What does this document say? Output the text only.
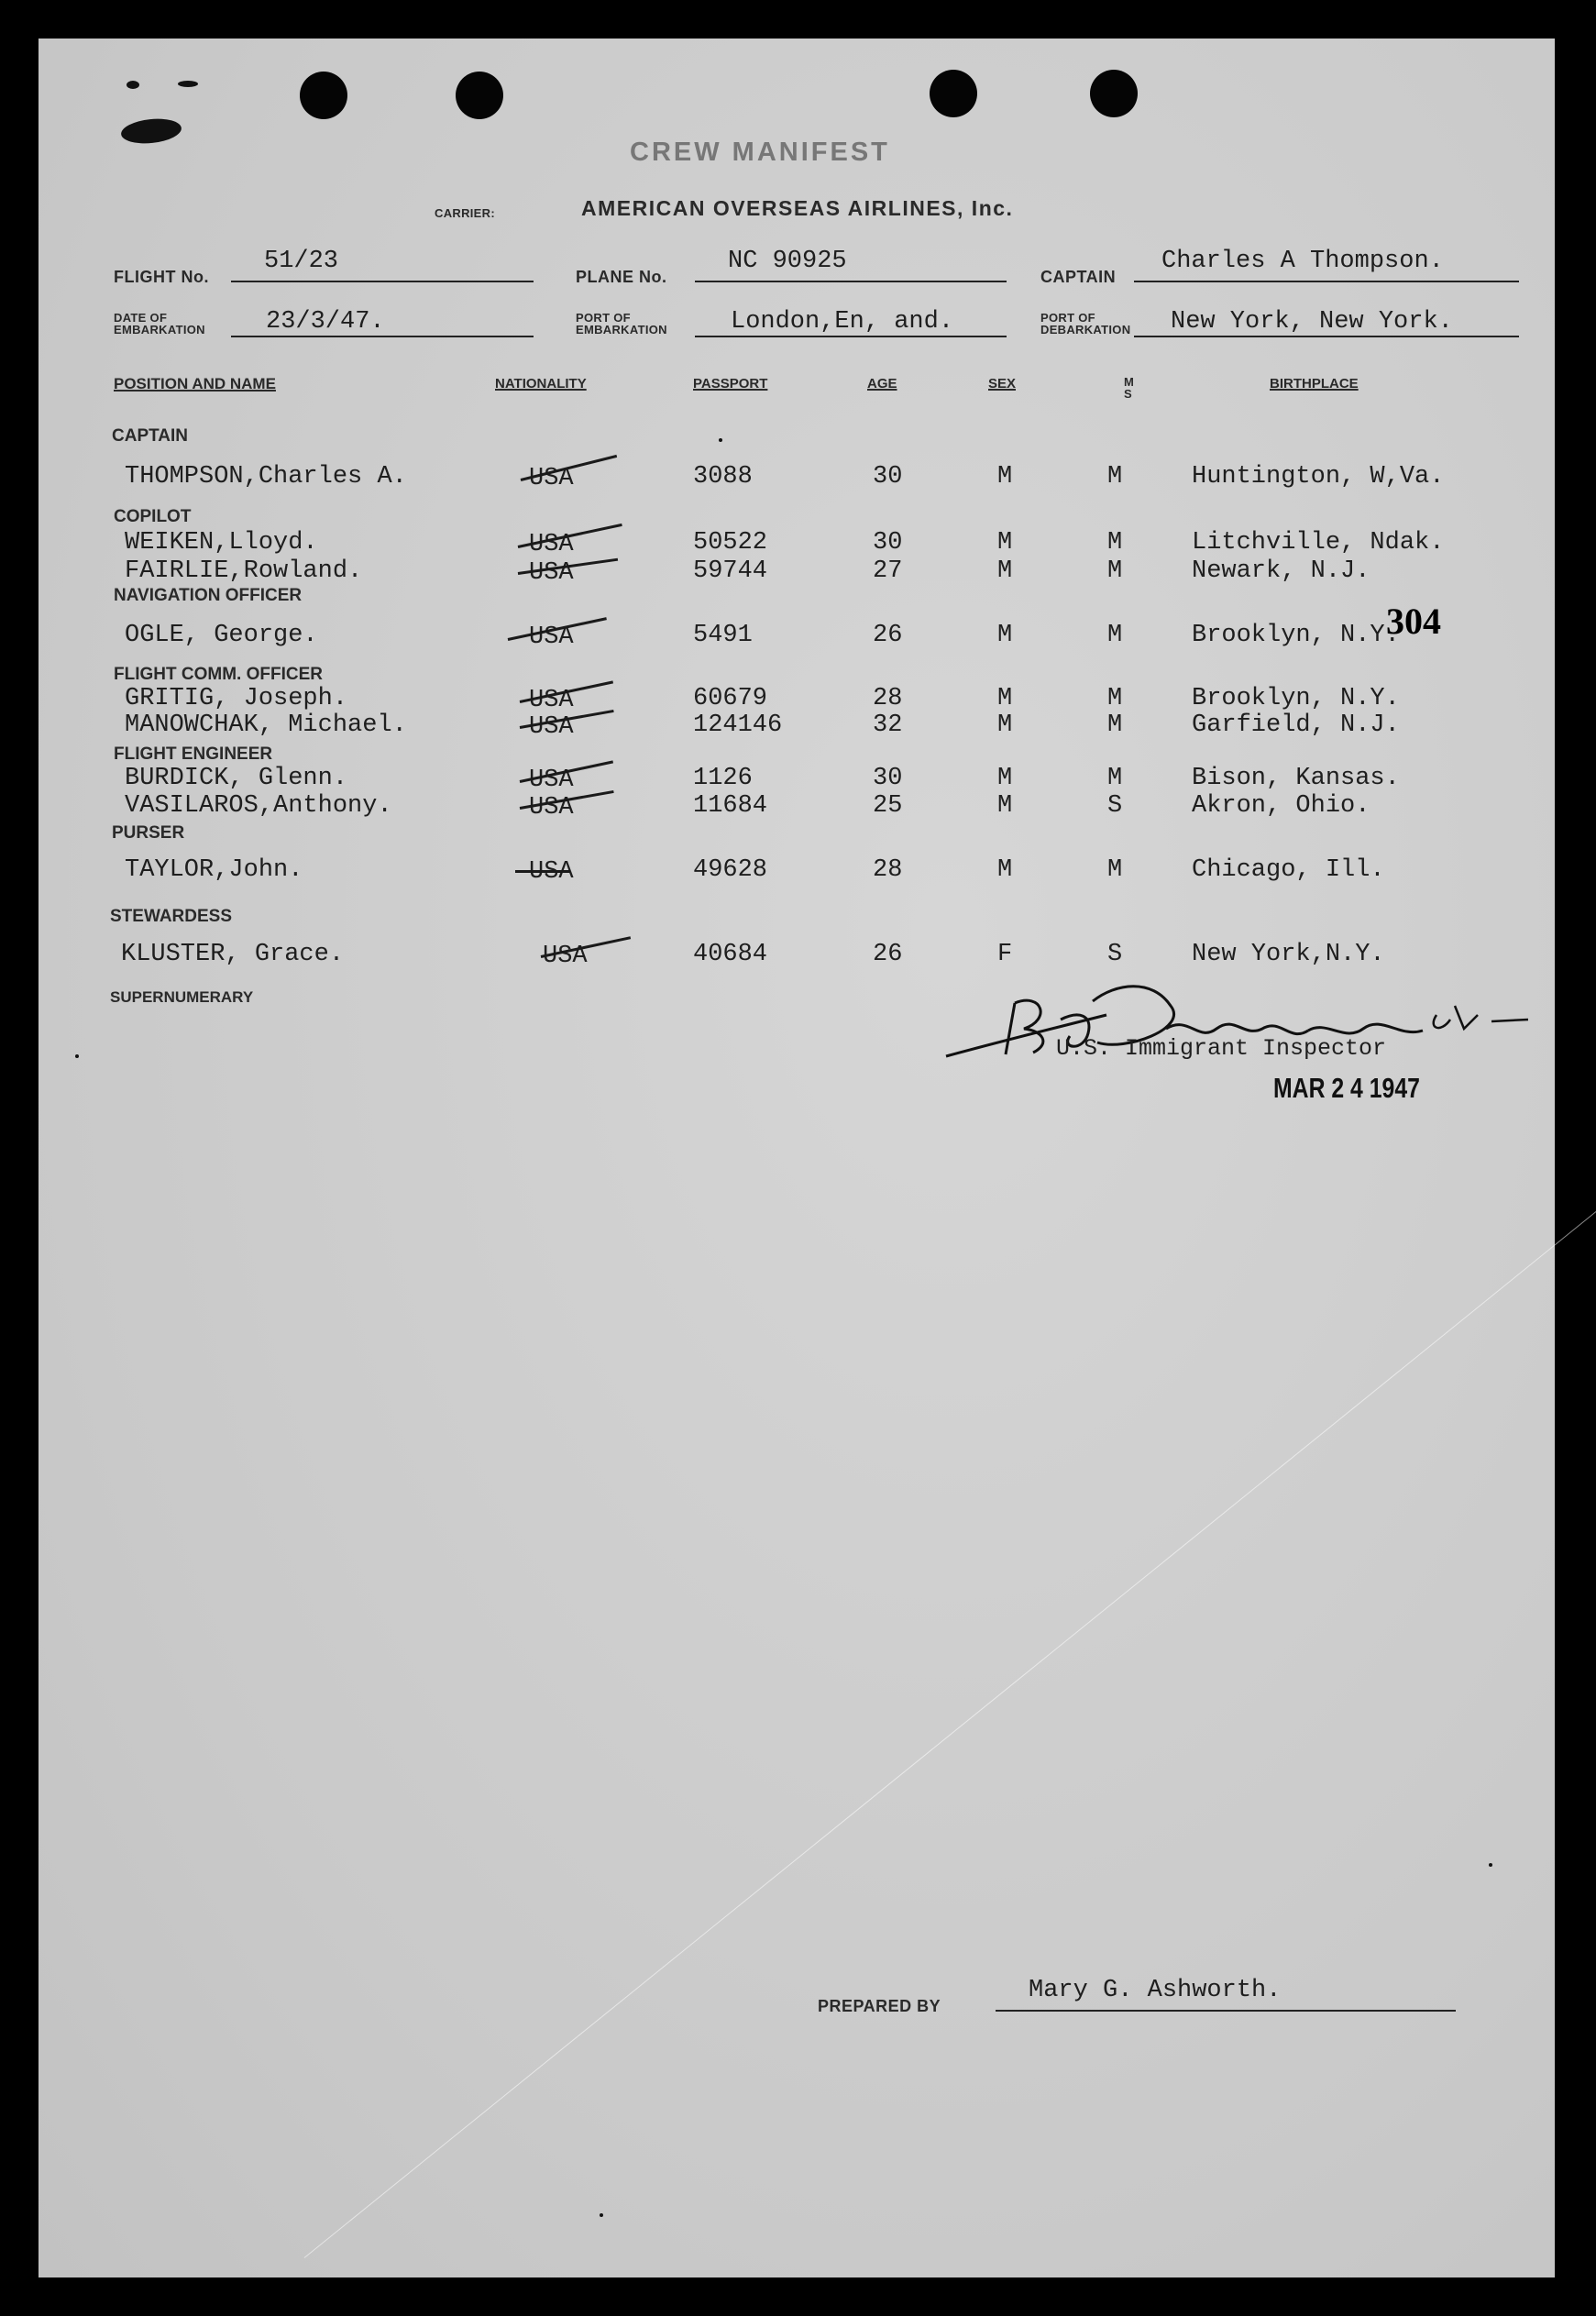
CREW MANIFEST
CARRIER:	AMERICAN OVERSEAS AIRLINES, Inc.
FLIGHT No.
51/23
PLANE No.
NC 90925
CAPTAIN
Charles A Thompson.
DATE OF
EMBARKATION 23/3/47.	PORT OF
EMBARKATION	London,En, and.	PORT OF
DEBARKATION New York, New York.
POSITION AND NAME	NATIONALITY	PASSPORT	AGE	SEX	M
S
BIRTHPLACE
CAPTAIN
THOMPSON,Charles A.	USA	3088	30	M	M	Huntington, W,Va.
COPILOT
WEIKEN,Lloyd.	USA	50522	30	M	M	Litchville, Ndak.
FAIRLIE,Rowland.	USA	59744	27	M	M	Newark, N.J.
NAVIGATION OFFICER
OGLE, George.	USA	5491	26	M	M	Brooklyn, N.Y.
304
FLIGHT COMM. OFFICER
GRITIG, Joseph.	USA	60679	28	M	M	Brooklyn, N.Y.
MANOWCHAK, Michael.	USA	124146	32	M	M	Garfield, N.J.
FLIGHT ENGINEER
BURDICK, Glenn.	USA	1126	30	M	M	Bison, Kansas.
VASILAROS,Anthony.	USA	11684	25	M	S	Akron, Ohio.
PURSER
TAYLOR,John.	USA	49628	28	M	M	Chicago, Ill.
STEWARDESS
KLUSTER, Grace.	USA	40684	26	F	S	New York,N.Y.
SUPERNUMERARY
U.S. Immigrant Inspector
MAR 2 4 1947
PREPARED BY
Mary G. Ashworth.
